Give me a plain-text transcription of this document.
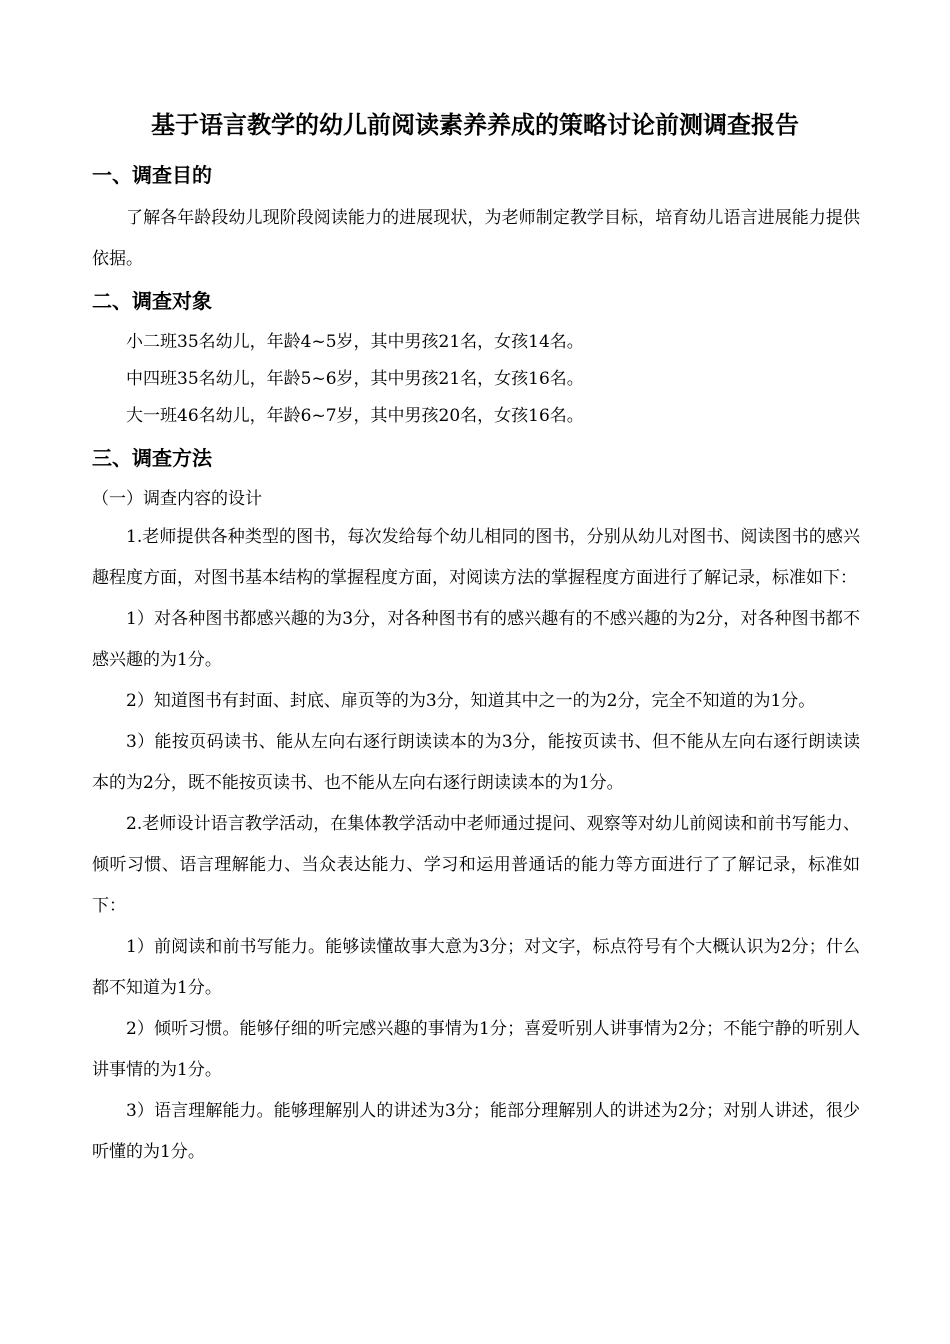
基于语言教学的幼儿前阅读素养养成的策略讨论前测调查报告
一、调查目的

了解各年龄段幼儿现阶段阅读能力的进展现状，为老师制定教学目标，培育幼儿语言进展能力提供依据。

二、调查对象

小二班35名幼儿，年龄4~5岁，其中男孩21名，女孩14名。

中四班35名幼儿，年龄5~6岁，其中男孩21名，女孩16名。

大一班46名幼儿，年龄6~7岁，其中男孩20名，女孩16名。

三、调查方法

（一）调查内容的设计

1.老师提供各种类型的图书，每次发给每个幼儿相同的图书，分别从幼儿对图书、阅读图书的感兴趣程度方面，对图书基本结构的掌握程度方面，对阅读方法的掌握程度方面进行了解记录，标准如下：

1）对各种图书都感兴趣的为3分，对各种图书有的感兴趣有的不感兴趣的为2分，对各种图书都不感兴趣的为1分。

2）知道图书有封面、封底、扉页等的为3分，知道其中之一的为2分，完全不知道的为1分。

3）能按页码读书、能从左向右逐行朗读读本的为3分，能按页读书、但不能从左向右逐行朗读读本的为2分，既不能按页读书、也不能从左向右逐行朗读读本的为1分。

2.老师设计语言教学活动，在集体教学活动中老师通过提问、观察等对幼儿前阅读和前书写能力、倾听习惯、语言理解能力、当众表达能力、学习和运用普通话的能力等方面进行了了解记录，标准如下：

1）前阅读和前书写能力。能够读懂故事大意为3分；对文字，标点符号有个大概认识为2分；什么都不知道为1分。

2）倾听习惯。能够仔细的听完感兴趣的事情为1分；喜爱听别人讲事情为2分；不能宁静的听别人讲事情的为1分。

3）语言理解能力。能够理解别人的讲述为3分；能部分理解别人的讲述为2分；对别人讲述，很少听懂的为1分。
